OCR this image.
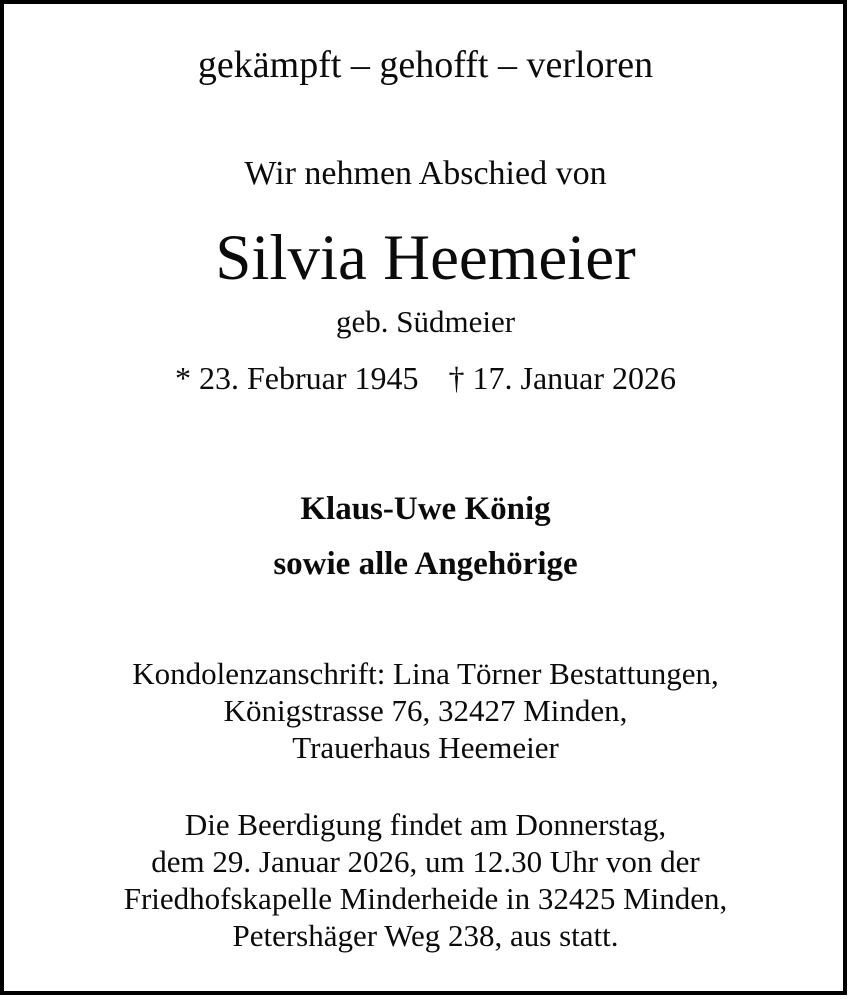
gekämpft – gehofft – verloren
Wir nehmen Abschied von
Silvia Heemeier
geb. Südmeier
* 23. Februar 1945 † 17. Januar 2026
Klaus-Uwe König
sowie alle Angehörige
Kondolenzanschrift: Lina Törner Bestattungen,
Königstrasse 76, 32427 Minden,
Trauerhaus Heemeier
Die Beerdigung findet am Donnerstag,
dem 29. Januar 2026, um 12.30 Uhr von der
Friedhofskapelle Minderheide in 32425 Minden,
Petershäger Weg 238, aus statt.
